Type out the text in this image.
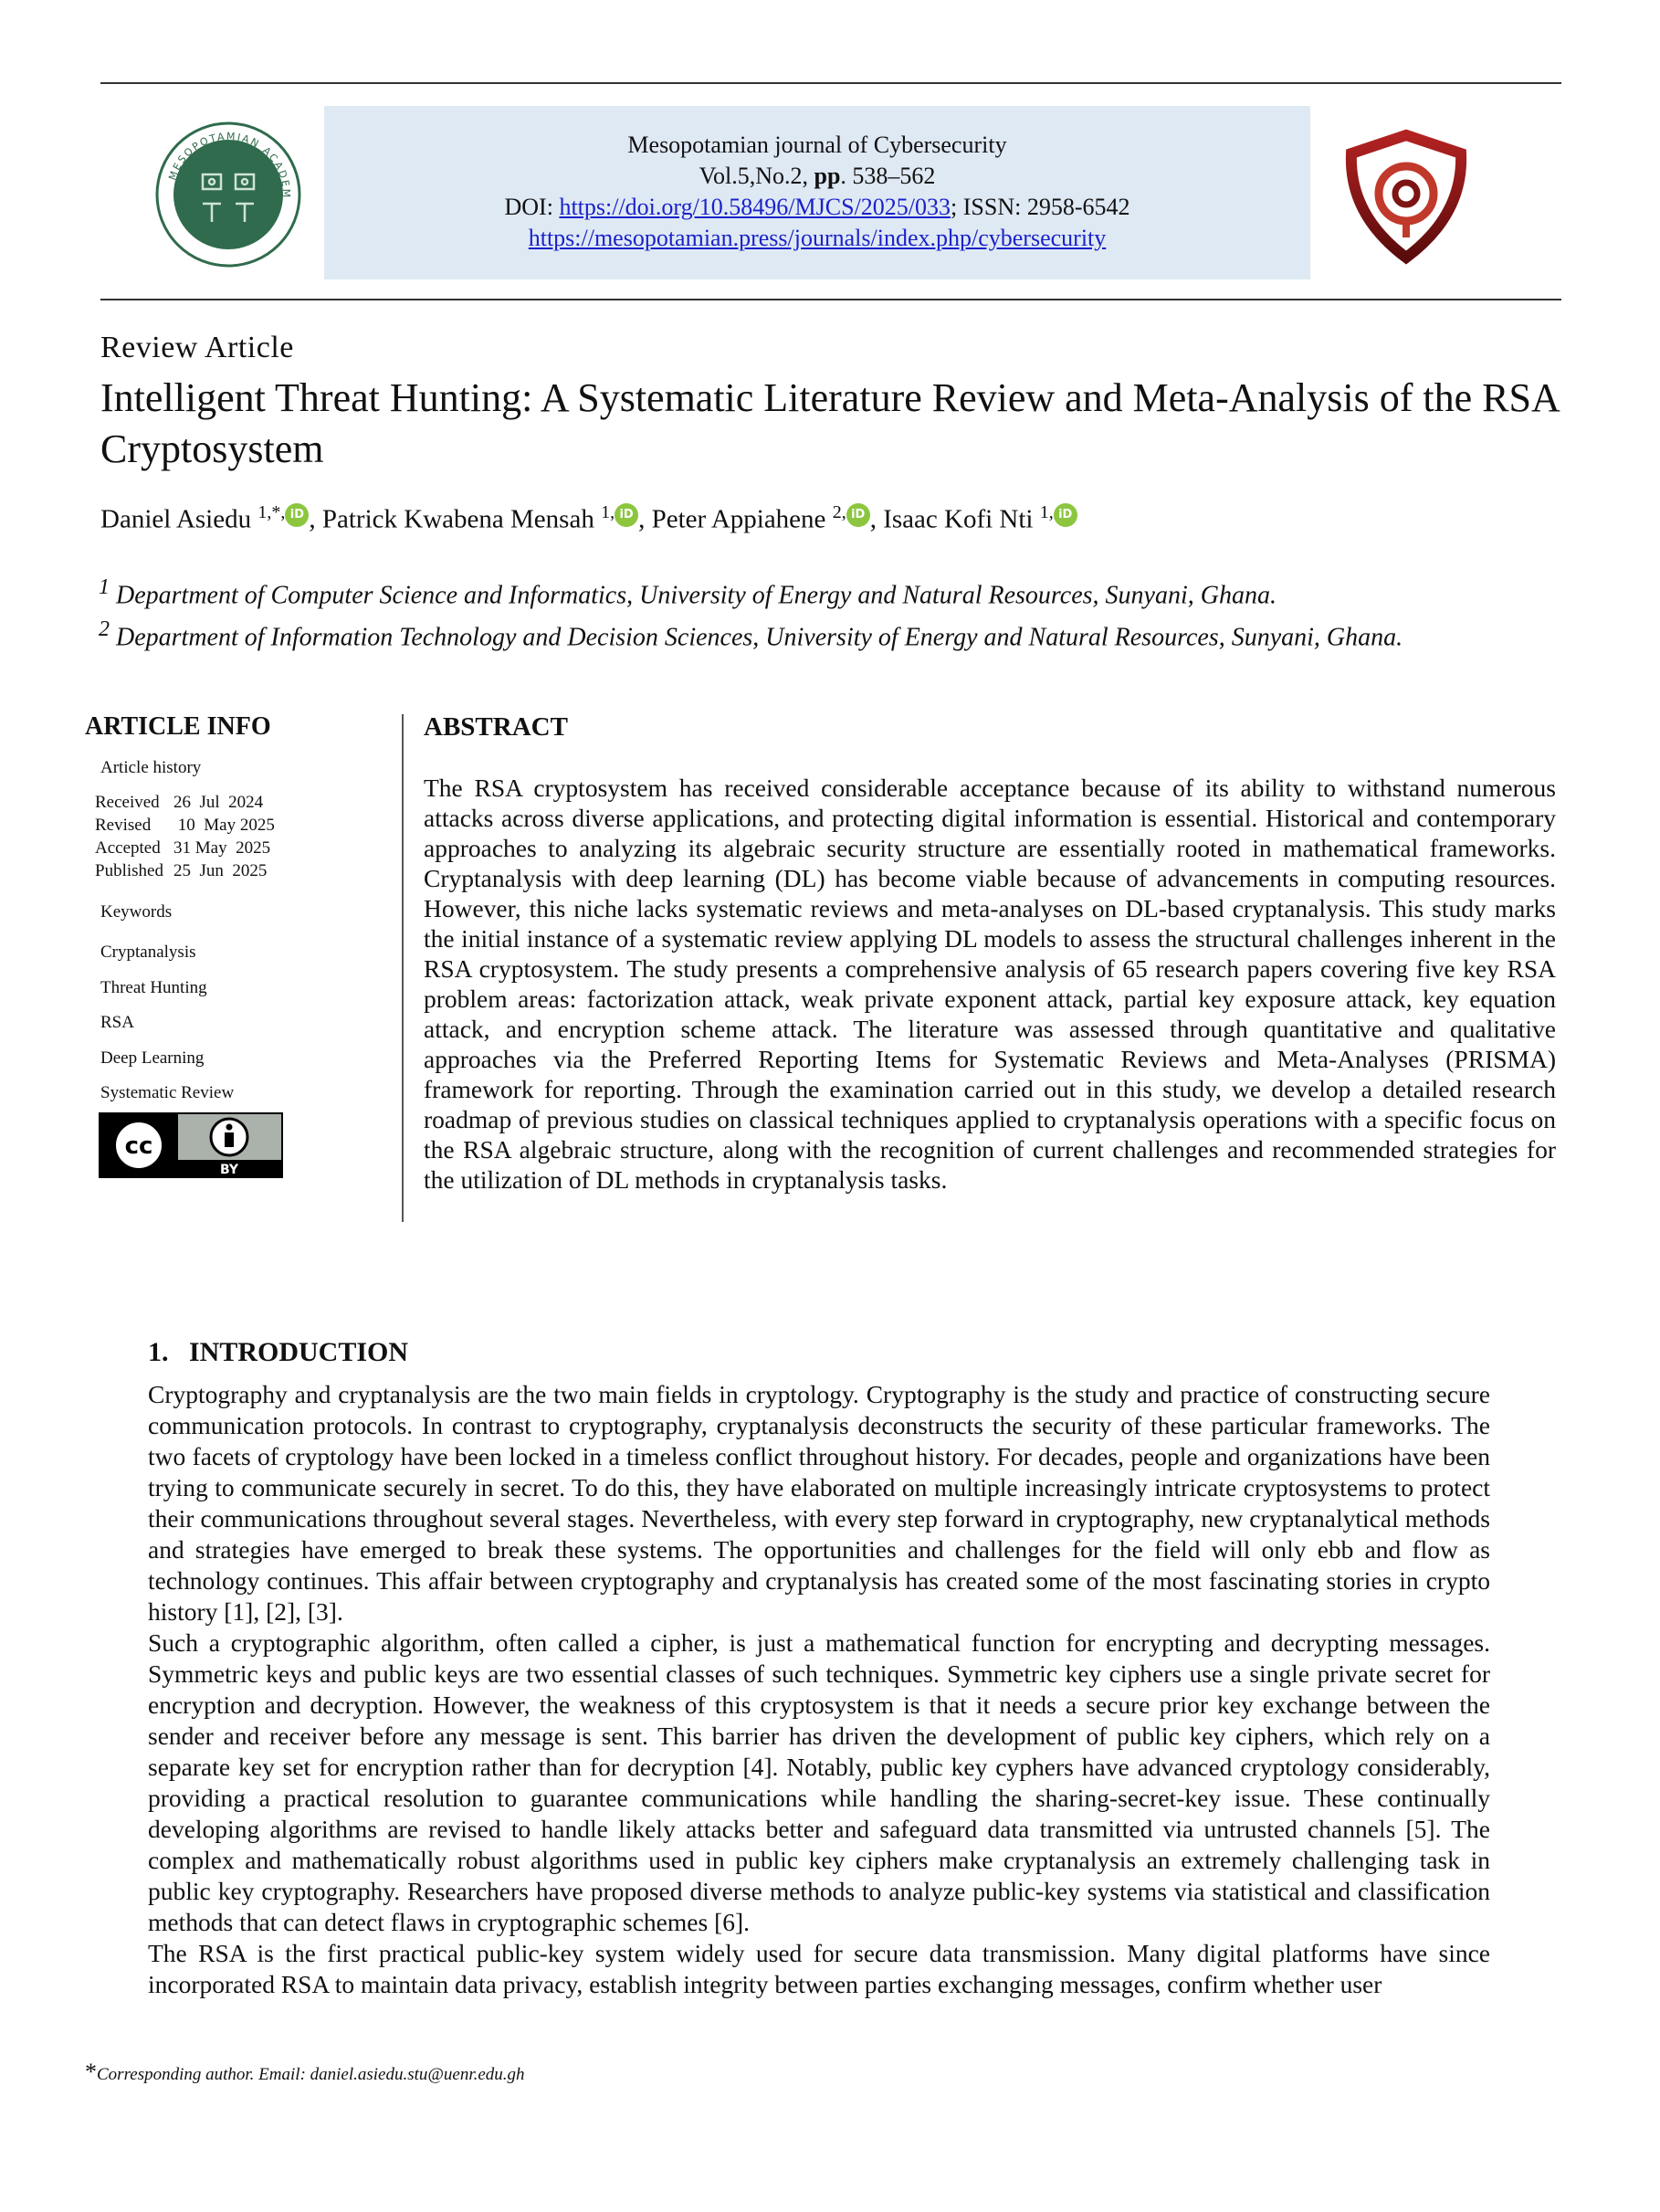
MESOPOTAMIAN ACADEM
Mesopotamian journal of Cybersecurity
Vol.5,No.2, pp. 538–562
DOI: https://doi.org/10.58496/MJCS/2025/033; ISSN: 2958-6542
https://mesopotamian.press/journals/index.php/cybersecurity
Review Article
Intelligent Threat Hunting: A Systematic Literature Review and Meta-Analysis of the RSA Cryptosystem
Daniel Asiedu $^{1,*,}$ iD , Patrick Kwabena Mensah $^{1,}$ iD , Peter Appiahene $^{2,}$ iD , Isaac Kofi Nti $^{1,}$ iD
$^1$ Department of Computer Science and Informatics, University of Energy and Natural Resources, Sunyani, Ghana.
$^2$ Department of Information Technology and Decision Sciences, University of Energy and Natural Resources, Sunyani, Ghana.
ARTICLE INFO
Article history
Received 26  Jul  2024
Revised	10  May 2025
Accepted 31 May  2025
Published 25  Jun  2025
Keywords
Cryptanalysis
Threat Hunting
RSA
Deep Learning
Systematic Review
cc
BY
ABSTRACT
The RSA cryptosystem has received considerable acceptance because of its ability to withstand numerous attacks across diverse applications, and protecting digital information is essential. Historical and contemporary approaches to analyzing its algebraic security structure are essentially rooted in mathematical frameworks. Cryptanalysis with deep learning (DL) has become viable because of advancements in computing resources. However, this niche lacks systematic reviews and meta-analyses on DL-based cryptanalysis. This study marks the initial instance of a systematic review applying DL models to assess the structural challenges inherent in the RSA cryptosystem. The study presents a comprehensive analysis of 65 research papers covering five key RSA problem areas: factorization attack, weak private exponent attack, partial key exposure attack, key equation attack, and encryption scheme attack. The literature was assessed through quantitative and qualitative approaches via the Preferred Reporting Items for Systematic Reviews and Meta-Analyses (PRISMA) framework for reporting. Through the examination carried out in this study, we develop a detailed research roadmap of previous studies on classical techniques applied to cryptanalysis operations with a specific focus on the RSA algebraic structure, along with the recognition of current challenges and recommended strategies for the utilization of DL methods in cryptanalysis tasks.
1.   INTRODUCTION

Cryptography and cryptanalysis are the two main fields in cryptology. Cryptography is the study and practice of constructing secure communication protocols. In contrast to cryptography, cryptanalysis deconstructs the security of these particular frameworks. The two facets of cryptology have been locked in a timeless conflict throughout history. For decades, people and organizations have been trying to communicate securely in secret. To do this, they have elaborated on multiple increasingly intricate cryptosystems to protect their communications throughout several stages. Nevertheless, with every step forward in cryptography, new cryptanalytical methods and strategies have emerged to break these systems. The opportunities and challenges for the field will only ebb and flow as technology continues. This affair between cryptography and cryptanalysis has created some of the most fascinating stories in crypto history [1], [2], [3].

Such a cryptographic algorithm, often called a cipher, is just a mathematical function for encrypting and decrypting messages. Symmetric keys and public keys are two essential classes of such techniques. Symmetric key ciphers use a single private secret for encryption and decryption. However, the weakness of this cryptosystem is that it needs a secure prior key exchange between the sender and receiver before any message is sent. This barrier has driven the development of public key ciphers, which rely on a separate key set for encryption rather than for decryption [4]. Notably, public key cyphers have advanced cryptology considerably, providing a practical resolution to guarantee communications while handling the sharing-secret-key issue. These continually developing algorithms are revised to handle likely attacks better and safeguard data transmitted via untrusted channels [5]. The complex and mathematically robust algorithms used in public key ciphers make cryptanalysis an extremely challenging task in public key cryptography. Researchers have proposed diverse methods to analyze public-key systems via statistical and classification methods that can detect flaws in cryptographic schemes [6].

The RSA is the first practical public-key system widely used for secure data transmission. Many digital platforms have since incorporated RSA to maintain data privacy, establish integrity between parties exchanging messages, confirm whether user

*Corresponding author. Email: daniel.asiedu.stu@uenr.edu.gh
